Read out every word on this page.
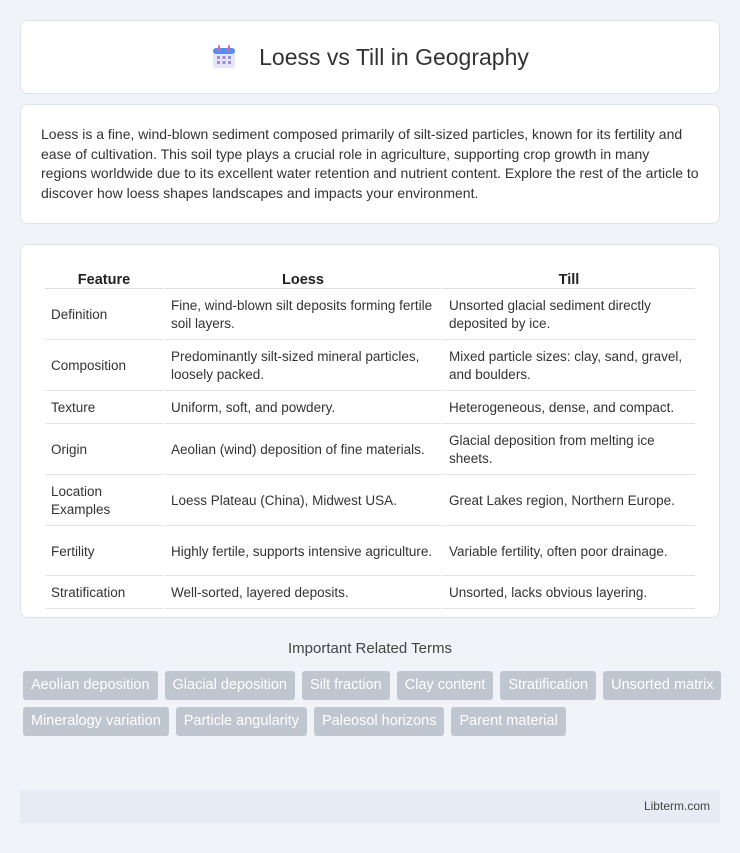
Loess vs Till in Geography

Loess is a fine, wind-blown sediment composed primarily of silt-sized particles, known for its fertility and ease of cultivation. This soil type plays a crucial role in agriculture, supporting crop growth in many regions worldwide due to its excellent water retention and nutrient content. Explore the rest of the article to discover how loess shapes landscapes and impacts your environment.

Feature	Loess	Till
Definition	Fine, wind-blown silt deposits forming fertile soil layers.	Unsorted glacial sediment directly deposited by ice.
Composition	Predominantly silt-sized mineral particles, loosely packed.	Mixed particle sizes: clay, sand, gravel, and boulders.
Texture	Uniform, soft, and powdery.	Heterogeneous, dense, and compact.
Origin	Aeolian (wind) deposition of fine materials.	Glacial deposition from melting ice sheets.
Location Examples	Loess Plateau (China), Midwest USA.	Great Lakes region, Northern Europe.
Fertility	Highly fertile, supports intensive agriculture.	Variable fertility, often poor drainage.
Stratification	Well-sorted, layered deposits.	Unsorted, lacks obvious layering.
Important Related Terms
Aeolian deposition	Glacial deposition	Silt fraction	Clay content	Stratification	Unsorted matrix
Mineralogy variation	Particle angularity	Paleosol horizons	Parent material
Libterm.com
